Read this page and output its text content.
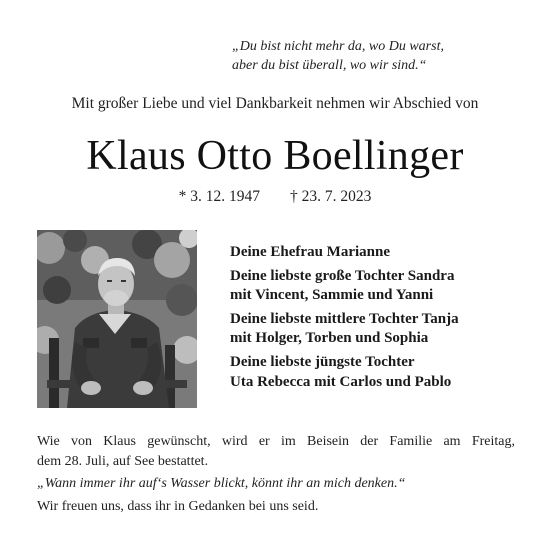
„Du bist nicht mehr da, wo Du warst,
aber du bist überall, wo wir sind.“
Mit großer Liebe und viel Dankbarkeit nehmen wir Abschied von
Klaus Otto Boellinger
* 3. 12. 1947 † 23. 7. 2023
Deine Ehefrau Marianne
Deine liebste große Tochter Sandra
mit Vincent, Sammie und Yanni
Deine liebste mittlere Tochter Tanja
mit Holger, Torben und Sophia
Deine liebste jüngste Tochter
Uta Rebecca mit Carlos und Pablo
Wie von Klaus gewünscht, wird er im Beisein der Familie am Freitag,
dem 28. Juli, auf See bestattet.
„Wann immer ihr auf‘s Wasser blickt, könnt ihr an mich denken.“
Wir freuen uns, dass ihr in Gedanken bei uns seid.
